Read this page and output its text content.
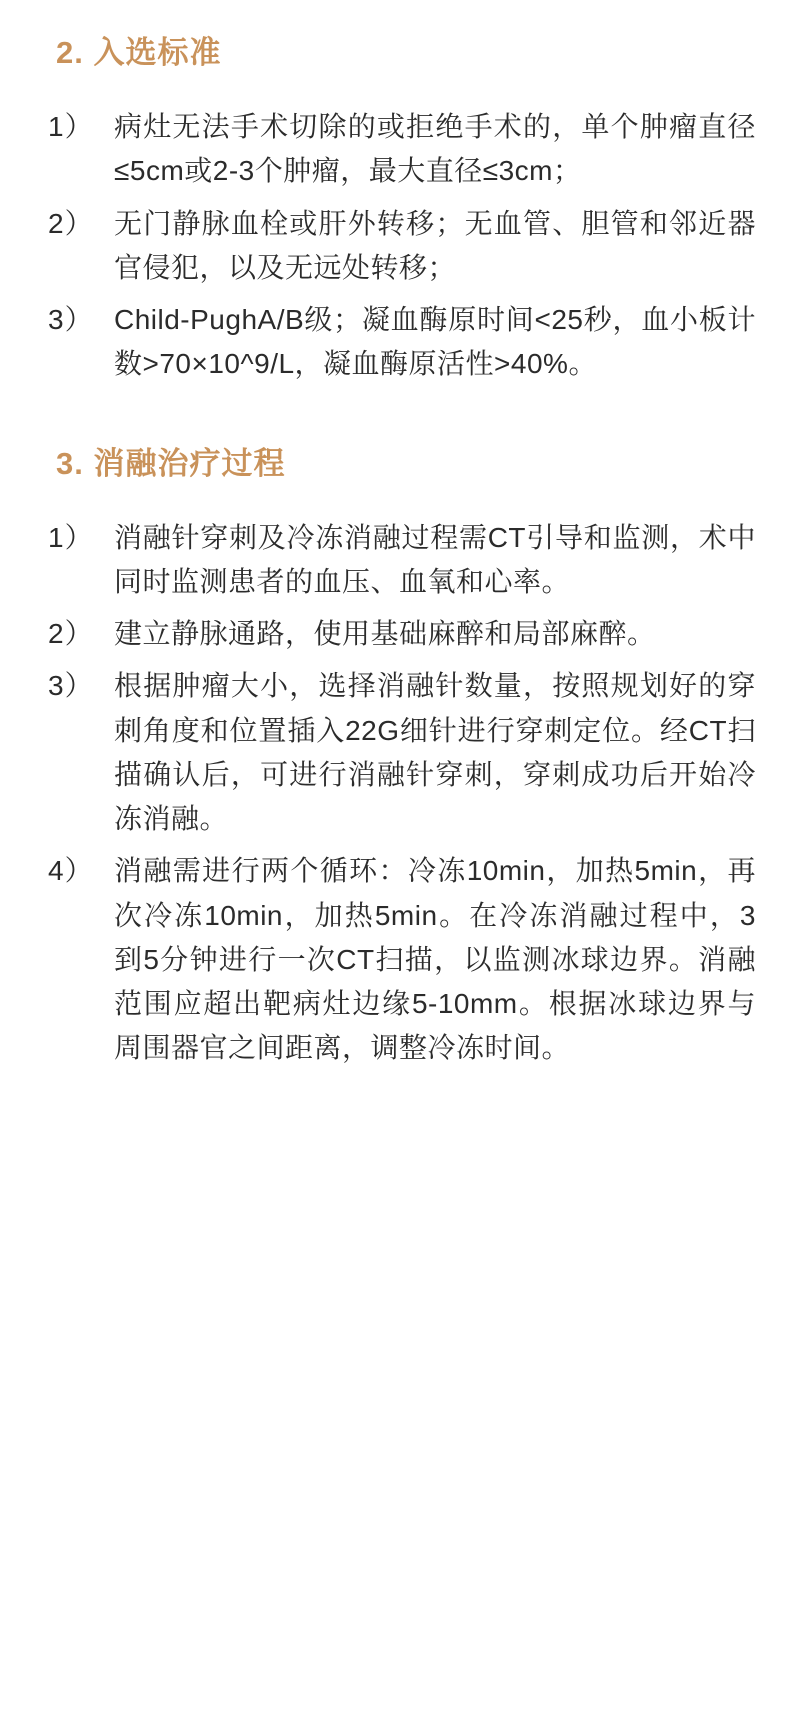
2. 入选标准
1） 病灶无法手术切除的或拒绝手术的，单个肿瘤直径≤5cm或2-3个肿瘤，最大直径≤3cm；
2） 无门静脉血栓或肝外转移；无血管、胆管和邻近器官侵犯，以及无远处转移；
3） Child-PughA/B级；凝血酶原时间<25秒，血小板计数>70×10^9/L，凝血酶原活性>40%。
3. 消融治疗过程
1） 消融针穿刺及冷冻消融过程需CT引导和监测，术中同时监测患者的血压、血氧和心率。
2） 建立静脉通路，使用基础麻醉和局部麻醉。
3） 根据肿瘤大小，选择消融针数量，按照规划好的穿刺角度和位置插入22G细针进行穿刺定位。经CT扫描确认后，可进行消融针穿刺，穿刺成功后开始冷冻消融。
4） 消融需进行两个循环：冷冻10min，加热5min，再次冷冻10min，加热5min。在冷冻消融过程中，3到5分钟进行一次CT扫描，以监测冰球边界。消融范围应超出靶病灶边缘5-10mm。根据冰球边界与周围器官之间距离，调整冷冻时间。
